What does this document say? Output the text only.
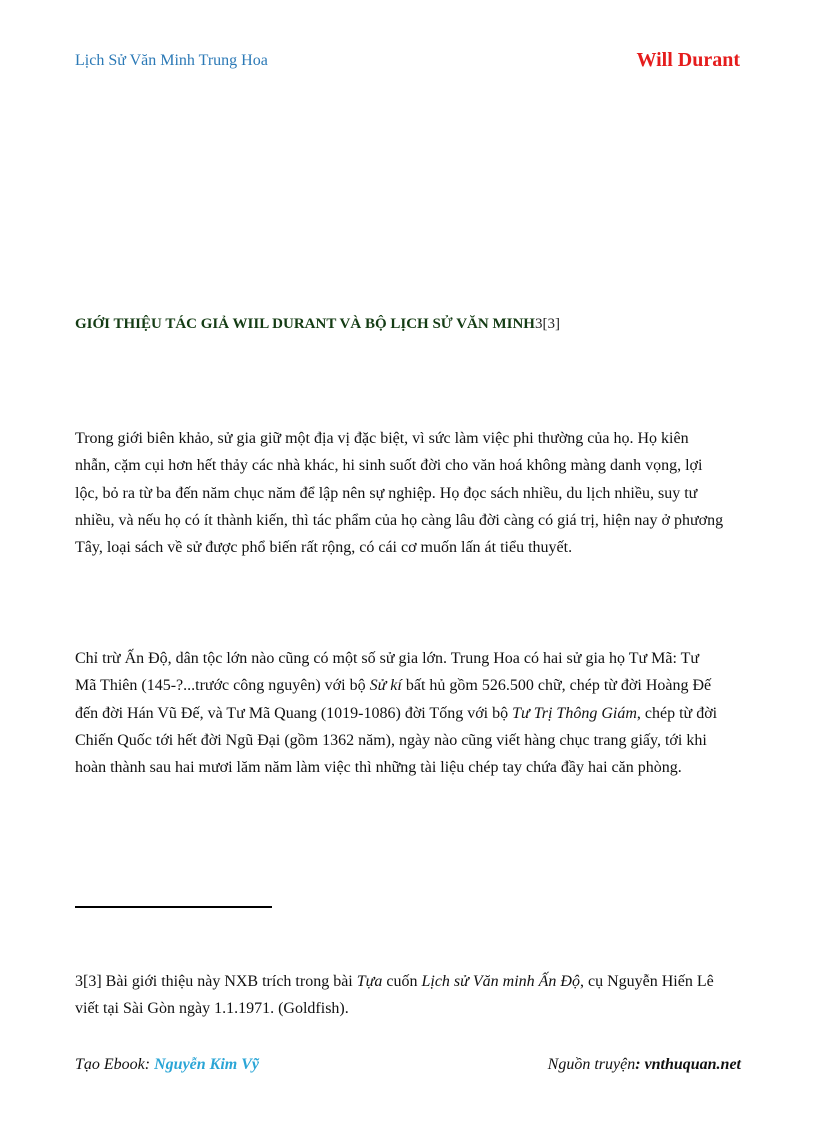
Lịch Sử Văn Minh Trung Hoa	Will Durant
GIỚI THIỆU TÁC GIẢ WIIL DURANT VÀ BỘ LỊCH SỬ VĂN MINH3[3]

Trong giới biên khảo, sử gia giữ một địa vị đặc biệt, vì sức làm việc phi thường của họ. Họ kiên

nhẫn, cặm cụi hơn hết thảy các nhà khác, hi sinh suốt đời cho văn hoá không màng danh vọng, lợi

lộc, bỏ ra từ ba đến năm chục năm để lập nên sự nghiệp. Họ đọc sách nhiều, du lịch nhiều, suy tư

nhiều, và nếu họ có ít thành kiến, thì tác phẩm của họ càng lâu đời càng có giá trị, hiện nay ở phương

Tây, loại sách về sử được phổ biến rất rộng, có cái cơ muốn lấn át tiểu thuyết.

Chỉ trừ Ấn Độ, dân tộc lớn nào cũng có một số sử gia lớn. Trung Hoa có hai sử gia họ Tư Mã: Tư

Mã Thiên (145-?...trước công nguyên) với bộ Sử kí bất hủ gồm 526.500 chữ, chép từ đời Hoàng Đế

đến đời Hán Vũ Đế, và Tư Mã Quang (1019-1086) đời Tống với bộ Tư Trị Thông Giám, chép từ đời

Chiến Quốc tới hết đời Ngũ Đại (gồm 1362 năm), ngày nào cũng viết hàng chục trang giấy, tới khi

hoàn thành sau hai mươi lăm năm làm việc thì những tài liệu chép tay chứa đầy hai căn phòng.

3[3] Bài giới thiệu này NXB trích trong bài Tựa cuốn Lịch sử Văn minh Ấn Độ, cụ Nguyễn Hiến Lê

viết tại Sài Gòn ngày 1.1.1971. (Goldfish).

Tạo Ebook: Nguyễn Kim Vỹ	Nguồn truyện: vnthuquan.net
